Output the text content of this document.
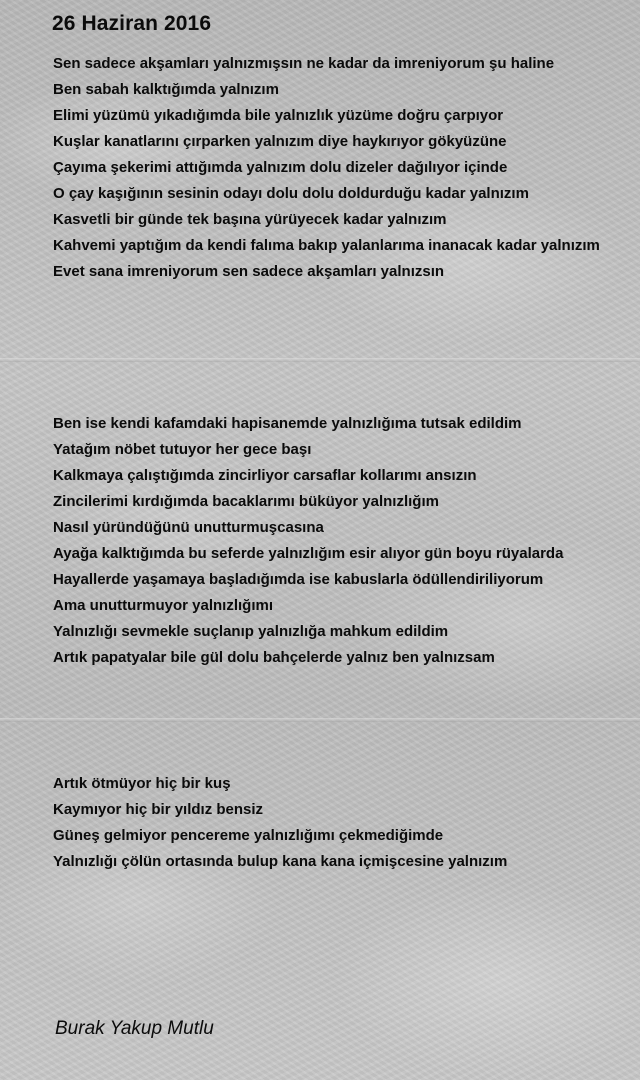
26 Haziran 2016
Sen sadece akşamları yalnızmışsın ne kadar da imreniyorum şu haline
Ben sabah kalktığımda yalnızım
Elimi yüzümü yıkadığımda bile yalnızlık yüzüme doğru çarpıyor
Kuşlar kanatlarını çırparken yalnızım diye haykırıyor gökyüzüne
Çayıma şekerimi attığımda yalnızım dolu dizeler dağılıyor içinde
O çay kaşığının sesinin odayı dolu dolu doldurduğu kadar yalnızım
Kasvetli bir günde tek başına yürüyecek kadar yalnızım
Kahvemi yaptığım da kendi falıma bakıp yalanlarıma inanacak kadar yalnızım
Evet sana imreniyorum sen sadece akşamları yalnızsın
Ben ise kendi kafamdaki hapisanemde yalnızlığıma tutsak edildim
Yatağım nöbet tutuyor her gece başı
Kalkmaya çalıştığımda zincirliyor carsaflar kollarımı ansızın
Zincilerimi kırdığımda bacaklarımı büküyor yalnızlığım
Nasıl yüründüğünü unutturmuşcasına
Ayağa kalktığımda bu seferde yalnızlığım esir alıyor gün boyu rüyalarda
Hayallerde yaşamaya başladığımda ise kabuslarla ödüllendiriliyorum
Ama unutturmuyor yalnızlığımı
Yalnızlığı sevmekle suçlanıp yalnızlığa mahkum edildim
Artık papatyalar bile gül dolu bahçelerde yalnız ben yalnızsam
Artık ötmüyor hiç bir kuş
Kaymıyor hiç bir yıldız bensiz
Güneş gelmiyor pencereme yalnızlığımı çekmediğimde
Yalnızlığı çölün ortasında bulup kana kana içmişcesine yalnızım

Burak Yakup Mutlu
